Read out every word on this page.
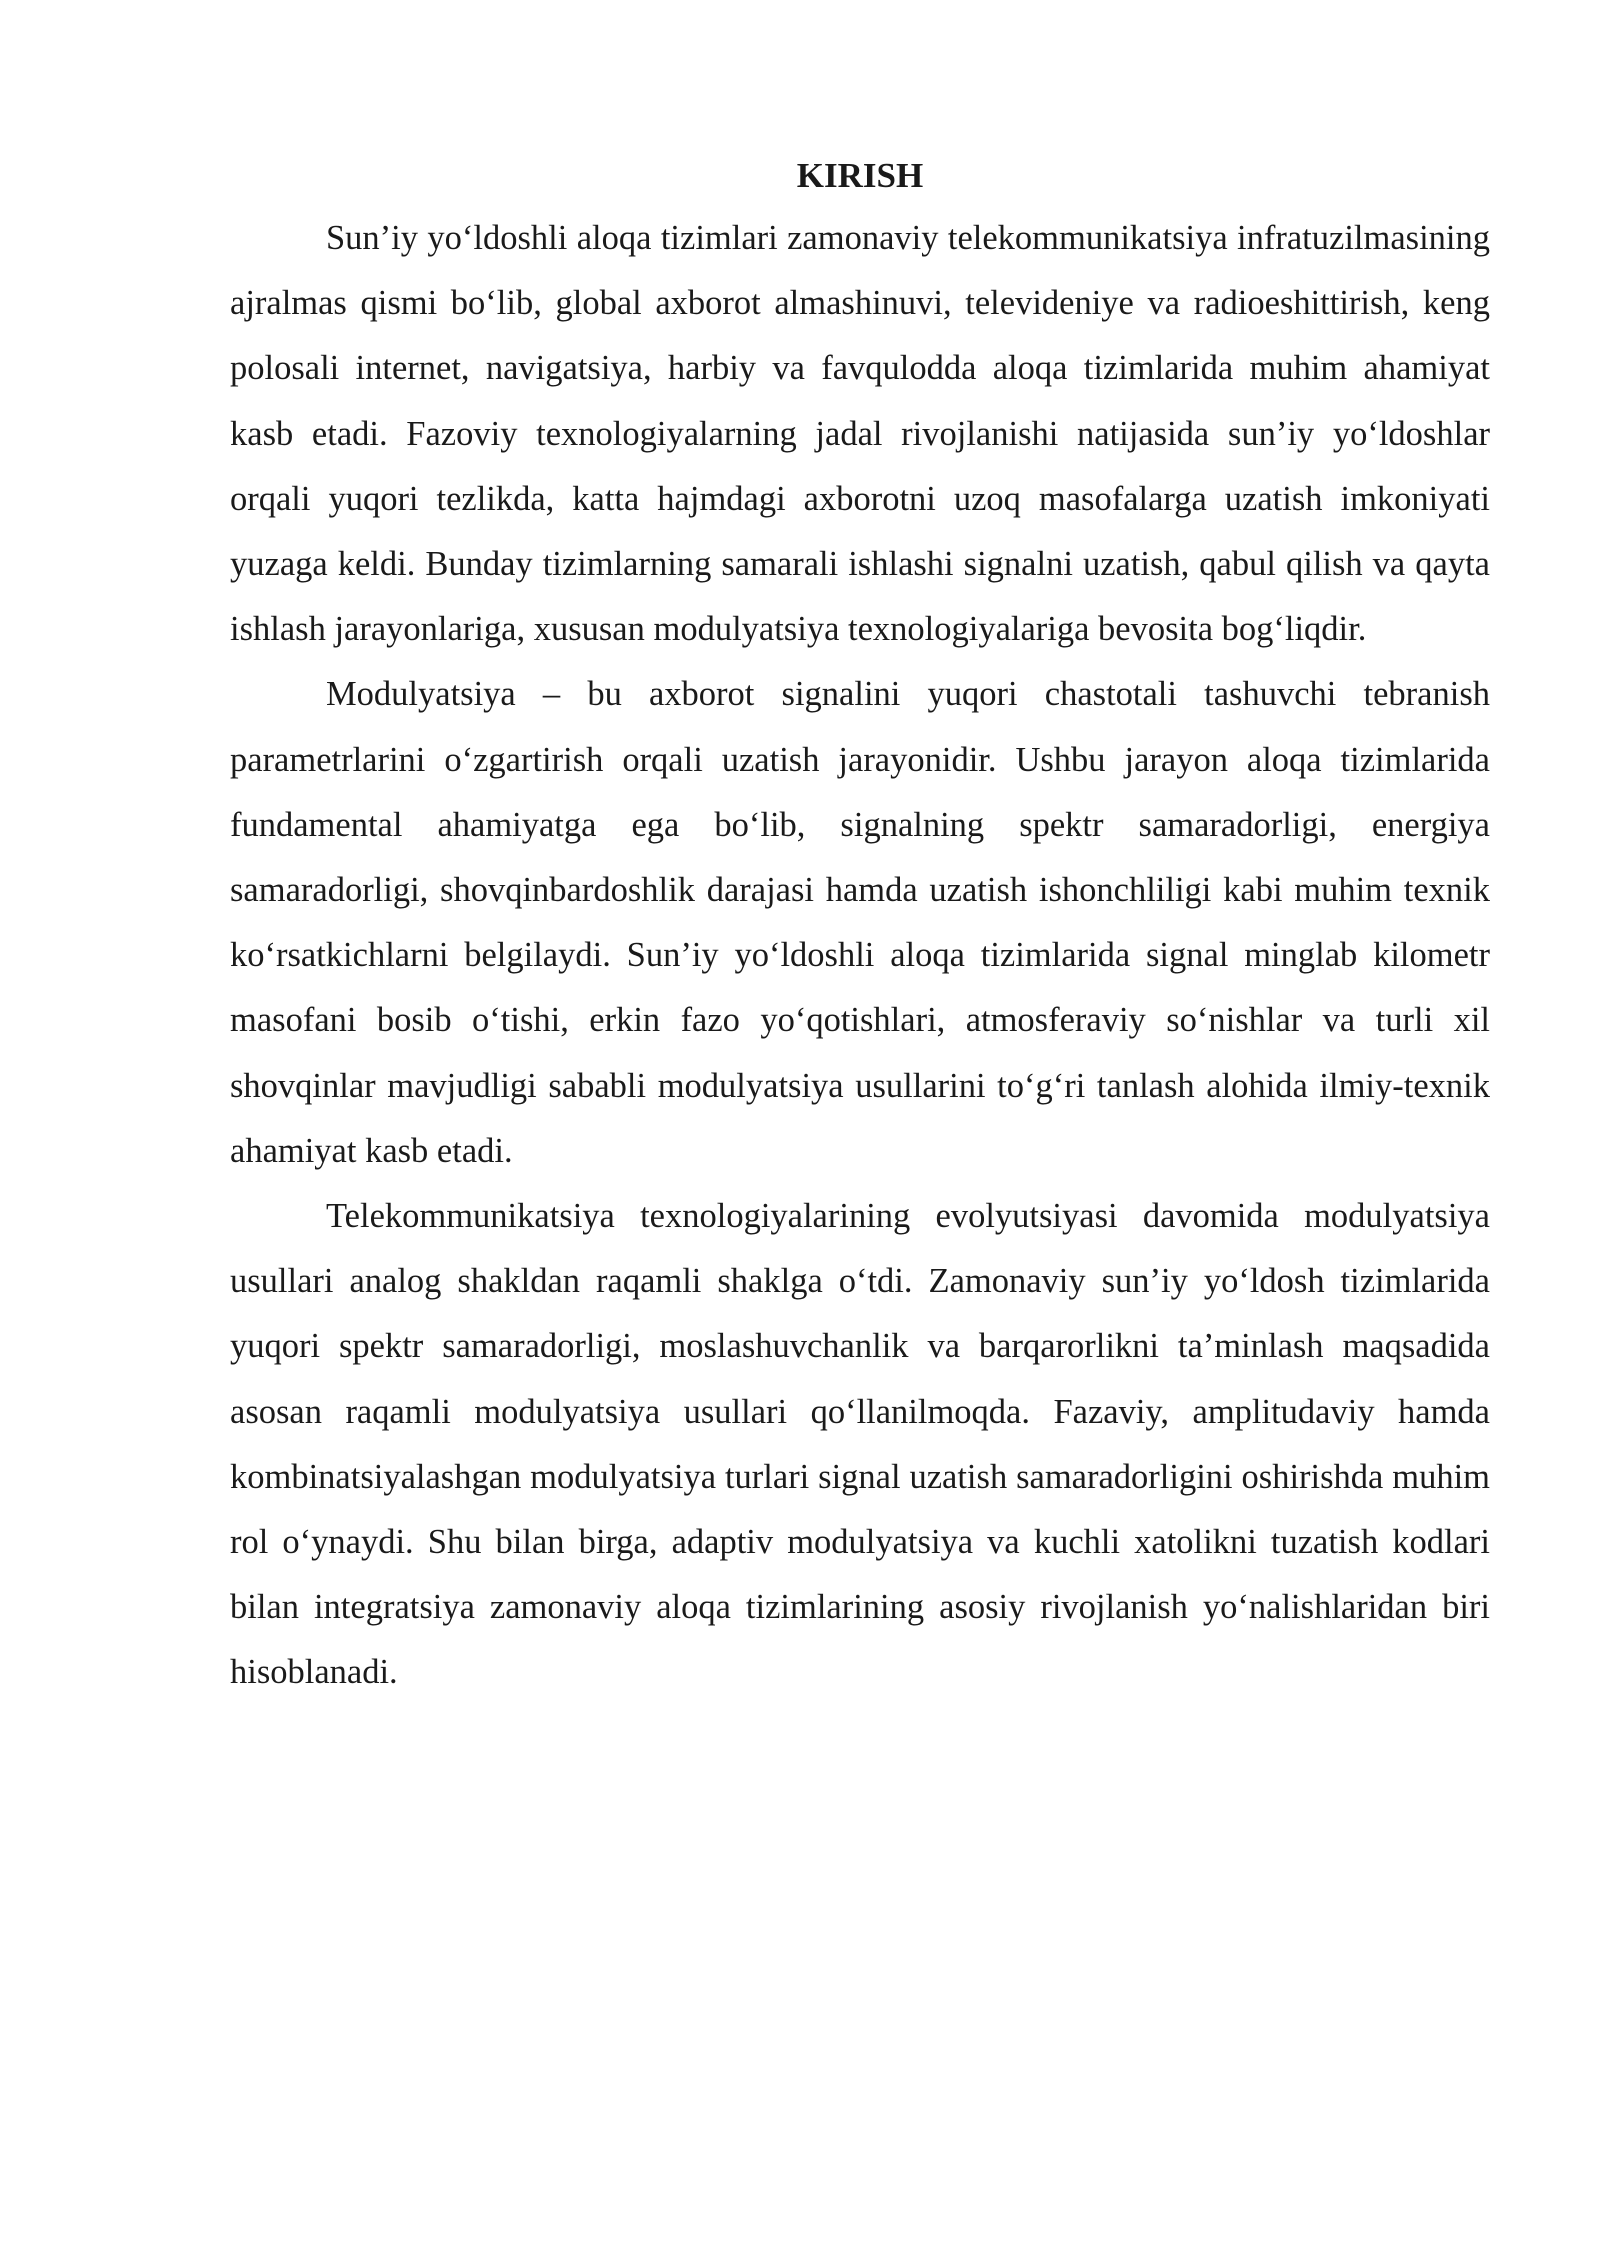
KIRISH

Sun’iy yo‘ldoshli aloqa tizimlari zamonaviy telekommunikatsiya infratuzilmasining ajralmas qismi bo‘lib, global axborot almashinuvi, televideniye va radioeshittirish, keng polosali internet, navigatsiya, harbiy va favqulodda aloqa tizimlarida muhim ahamiyat kasb etadi. Fazoviy texnologiyalarning jadal rivojlanishi natijasida sun’iy yo‘ldoshlar orqali yuqori tezlikda, katta hajmdagi axborotni uzoq masofalarga uzatish imkoniyati yuzaga keldi. Bunday tizimlarning samarali ishlashi signalni uzatish, qabul qilish va qayta ishlash jarayonlariga, xususan modulyatsiya texnologiyalariga bevosita bog‘liqdir.

Modulyatsiya – bu axborot signalini yuqori chastotali tashuvchi tebranish parametrlarini o‘zgartirish orqali uzatish jarayonidir. Ushbu jarayon aloqa tizimlarida fundamental ahamiyatga ega bo‘lib, signalning spektr samaradorligi, energiya samaradorligi, shovqinbardoshlik darajasi hamda uzatish ishonchliligi kabi muhim texnik ko‘rsatkichlarni belgilaydi. Sun’iy yo‘ldoshli aloqa tizimlarida signal minglab kilometr masofani bosib o‘tishi, erkin fazo yo‘qotishlari, atmosferaviy so‘nishlar va turli xil shovqinlar mavjudligi sababli modulyatsiya usullarini to‘g‘ri tanlash alohida ilmiy-texnik ahamiyat kasb etadi.

Telekommunikatsiya texnologiyalarining evolyutsiyasi davomida modulyatsiya usullari analog shakldan raqamli shaklga o‘tdi. Zamonaviy sun’iy yo‘ldosh tizimlarida yuqori spektr samaradorligi, moslashuvchanlik va barqarorlikni ta’minlash maqsadida asosan raqamli modulyatsiya usullari qo‘llanilmoqda. Fazaviy, amplitudaviy hamda kombinatsiyalashgan modulyatsiya turlari signal uzatish samaradorligini oshirishda muhim rol o‘ynaydi. Shu bilan birga, adaptiv modulyatsiya va kuchli xatolikni tuzatish kodlari bilan integratsiya zamonaviy aloqa tizimlarining asosiy rivojlanish yo‘nalishlaridan biri hisoblanadi.
